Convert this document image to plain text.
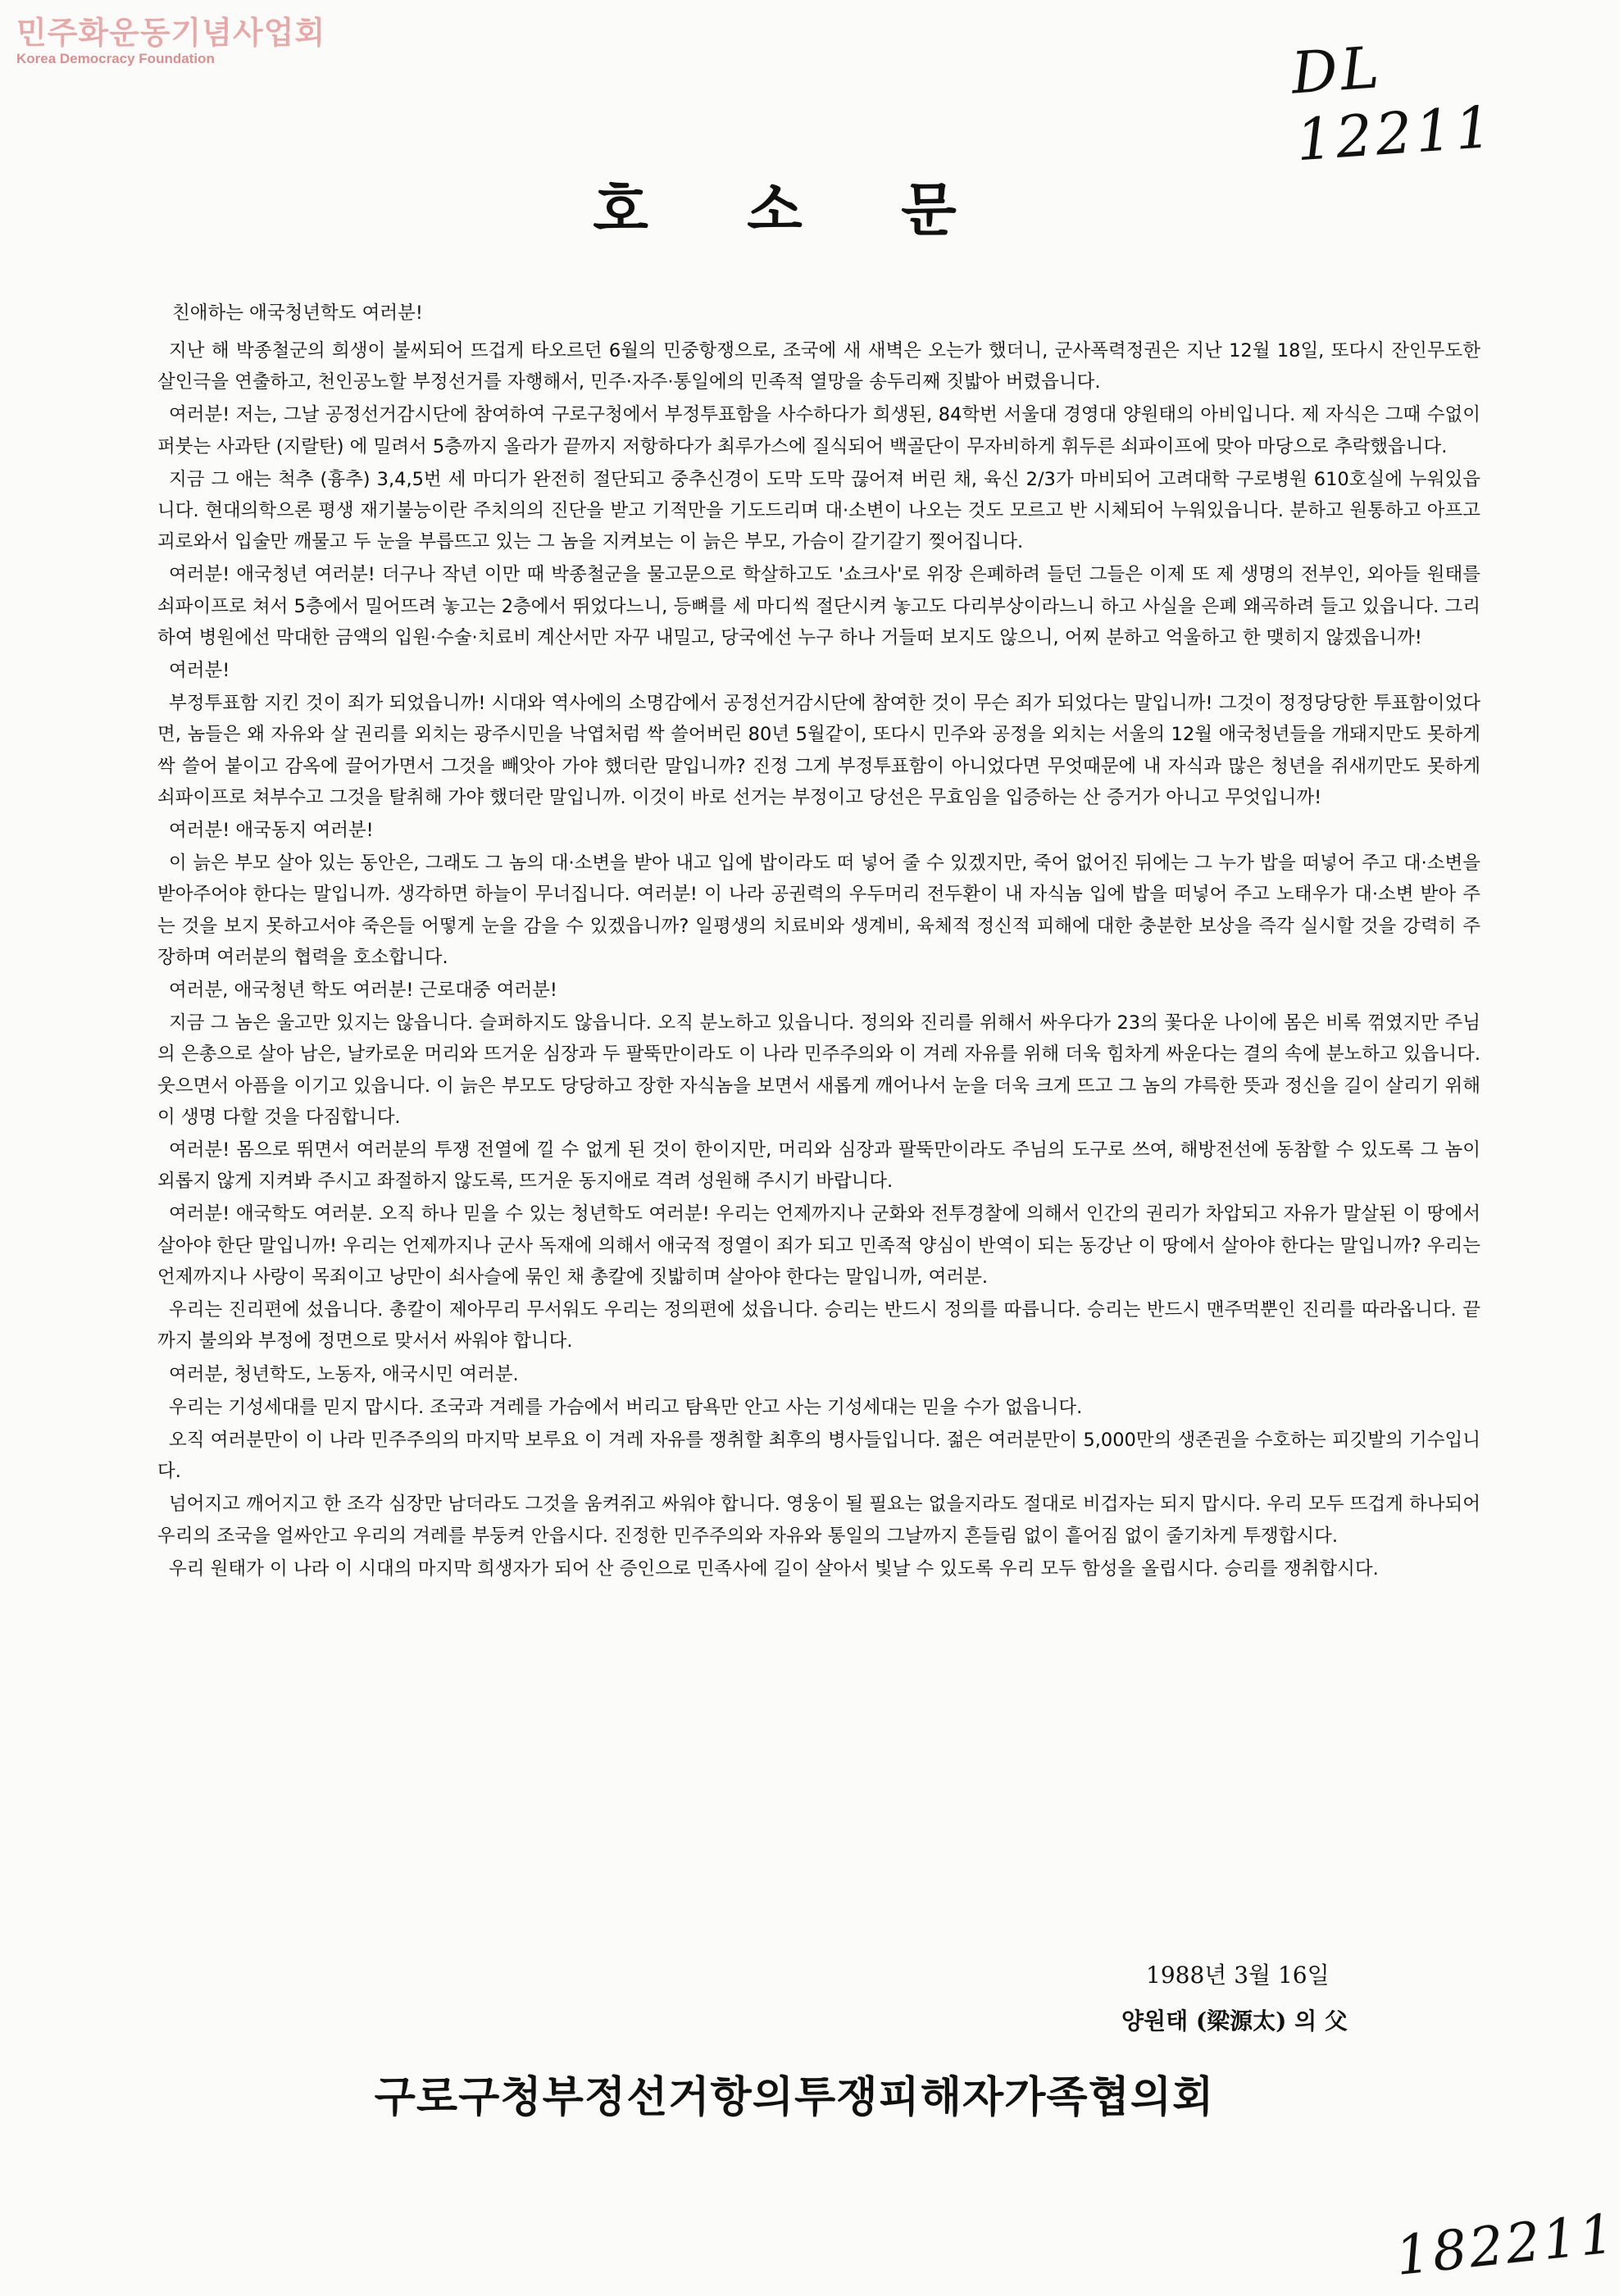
민주화운동기념사업회
Korea Democracy Foundation	DL 12211
호 소 문
친애하는 애국청년학도 여러분!

지난 해 박종철군의 희생이 불씨되어 뜨겁게 타오르던 6월의 민중항쟁으로, 조국에 새 새벽은 오는가 했더니, 군사폭력정권은 지난 12월 18일, 또다시 잔인무도한 살인극을 연출하고, 천인공노할 부정선거를 자행해서, 민주·자주·통일에의 민족적 열망을 송두리째 짓밟아 버렸읍니다.

여러분! 저는, 그날 공정선거감시단에 참여하여 구로구청에서 부정투표함을 사수하다가 희생된, 84학번 서울대 경영대 양원태의 아비입니다. 제 자식은 그때 수없이 퍼붓는 사과탄 (지랄탄) 에 밀려서 5층까지 올라가 끝까지 저항하다가 최루가스에 질식되어 백골단이 무자비하게 휘두른 쇠파이프에 맞아 마당으로 추락했읍니다.

지금 그 애는 척추 (흉추) 3,4,5번 세 마디가 완전히 절단되고 중추신경이 도막 도막 끊어져 버린 채, 육신 2/3가 마비되어 고려대학 구로병원 610호실에 누워있읍니다. 현대의학으론 평생 재기불능이란 주치의의 진단을 받고 기적만을 기도드리며 대·소변이 나오는 것도 모르고 반 시체되어 누워있읍니다. 분하고 원통하고 아프고 괴로와서 입술만 깨물고 두 눈을 부릅뜨고 있는 그 놈을 지켜보는 이 늙은 부모, 가슴이 갈기갈기 찢어집니다.

여러분! 애국청년 여러분! 더구나 작년 이만 때 박종철군을 물고문으로 학살하고도 '쇼크사'로 위장 은폐하려 들던 그들은 이제 또 제 생명의 전부인, 외아들 원태를 쇠파이프로 쳐서 5층에서 밀어뜨려 놓고는 2층에서 뛰었다느니, 등뼈를 세 마디씩 절단시켜 놓고도 다리부상이라느니 하고 사실을 은폐 왜곡하려 들고 있읍니다. 그리하여 병원에선 막대한 금액의 입원·수술·치료비 계산서만 자꾸 내밀고, 당국에선 누구 하나 거들떠 보지도 않으니, 어찌 분하고 억울하고 한 맺히지 않겠읍니까!

여러분!

부정투표함 지킨 것이 죄가 되었읍니까! 시대와 역사에의 소명감에서 공정선거감시단에 참여한 것이 무슨 죄가 되었다는 말입니까! 그것이 정정당당한 투표함이었다면, 놈들은 왜 자유와 살 권리를 외치는 광주시민을 낙엽처럼 싹 쓸어버린 80년 5월같이, 또다시 민주와 공정을 외치는 서울의 12월 애국청년들을 개돼지만도 못하게 싹 쓸어 붙이고 감옥에 끌어가면서 그것을 빼앗아 가야 했더란 말입니까? 진정 그게 부정투표함이 아니었다면 무엇때문에 내 자식과 많은 청년을 쥐새끼만도 못하게 쇠파이프로 쳐부수고 그것을 탈취해 가야 했더란 말입니까. 이것이 바로 선거는 부정이고 당선은 무효임을 입증하는 산 증거가 아니고 무엇입니까!

여러분! 애국동지 여러분!

이 늙은 부모 살아 있는 동안은, 그래도 그 놈의 대·소변을 받아 내고 입에 밥이라도 떠 넣어 줄 수 있겠지만, 죽어 없어진 뒤에는 그 누가 밥을 떠넣어 주고 대·소변을 받아주어야 한다는 말입니까. 생각하면 하늘이 무너집니다. 여러분! 이 나라 공권력의 우두머리 전두환이 내 자식놈 입에 밥을 떠넣어 주고 노태우가 대·소변 받아 주는 것을 보지 못하고서야 죽은들 어떻게 눈을 감을 수 있겠읍니까? 일평생의 치료비와 생계비, 육체적 정신적 피해에 대한 충분한 보상을 즉각 실시할 것을 강력히 주장하며 여러분의 협력을 호소합니다.

여러분, 애국청년 학도 여러분! 근로대중 여러분!

지금 그 놈은 울고만 있지는 않읍니다. 슬퍼하지도 않읍니다. 오직 분노하고 있읍니다. 정의와 진리를 위해서 싸우다가 23의 꽃다운 나이에 몸은 비록 꺾였지만 주님의 은총으로 살아 남은, 날카로운 머리와 뜨거운 심장과 두 팔뚝만이라도 이 나라 민주주의와 이 겨레 자유를 위해 더욱 힘차게 싸운다는 결의 속에 분노하고 있읍니다. 웃으면서 아픔을 이기고 있읍니다. 이 늙은 부모도 당당하고 장한 자식놈을 보면서 새롭게 깨어나서 눈을 더욱 크게 뜨고 그 놈의 갸륵한 뜻과 정신을 길이 살리기 위해 이 생명 다할 것을 다짐합니다.

여러분! 몸으로 뛰면서 여러분의 투쟁 전열에 낄 수 없게 된 것이 한이지만, 머리와 심장과 팔뚝만이라도 주님의 도구로 쓰여, 해방전선에 동참할 수 있도록 그 놈이 외롭지 않게 지켜봐 주시고 좌절하지 않도록, 뜨거운 동지애로 격려 성원해 주시기 바랍니다.

여러분! 애국학도 여러분. 오직 하나 믿을 수 있는 청년학도 여러분! 우리는 언제까지나 군화와 전투경찰에 의해서 인간의 권리가 차압되고 자유가 말살된 이 땅에서 살아야 한단 말입니까! 우리는 언제까지나 군사 독재에 의해서 애국적 정열이 죄가 되고 민족적 양심이 반역이 되는 동강난 이 땅에서 살아야 한다는 말입니까? 우리는 언제까지나 사랑이 목죄이고 낭만이 쇠사슬에 묶인 채 총칼에 짓밟히며 살아야 한다는 말입니까, 여러분.

우리는 진리편에 섰읍니다. 총칼이 제아무리 무서워도 우리는 정의편에 섰읍니다. 승리는 반드시 정의를 따릅니다. 승리는 반드시 맨주먹뿐인 진리를 따라옵니다. 끝까지 불의와 부정에 정면으로 맞서서 싸워야 합니다.

여러분, 청년학도, 노동자, 애국시민 여러분.

우리는 기성세대를 믿지 맙시다. 조국과 겨레를 가슴에서 버리고 탐욕만 안고 사는 기성세대는 믿을 수가 없읍니다.

오직 여러분만이 이 나라 민주주의의 마지막 보루요 이 겨레 자유를 쟁취할 최후의 병사들입니다. 젊은 여러분만이 5,000만의 생존권을 수호하는 피깃발의 기수입니다.

넘어지고 깨어지고 한 조각 심장만 남더라도 그것을 움켜쥐고 싸워야 합니다. 영웅이 될 필요는 없을지라도 절대로 비겁자는 되지 맙시다. 우리 모두 뜨겁게 하나되어 우리의 조국을 얼싸안고 우리의 겨레를 부둥켜 안읍시다. 진정한 민주주의와 자유와 통일의 그날까지 흔들림 없이 흩어짐 없이 줄기차게 투쟁합시다.

우리 원태가 이 나라 이 시대의 마지막 희생자가 되어 산 증인으로 민족사에 길이 살아서 빛날 수 있도록 우리 모두 함성을 올립시다. 승리를 쟁취합시다.

1988년 3월 16일
양원태 (梁源太) 의 父
구로구청부정선거항의투쟁피해자가족협의회
182211
